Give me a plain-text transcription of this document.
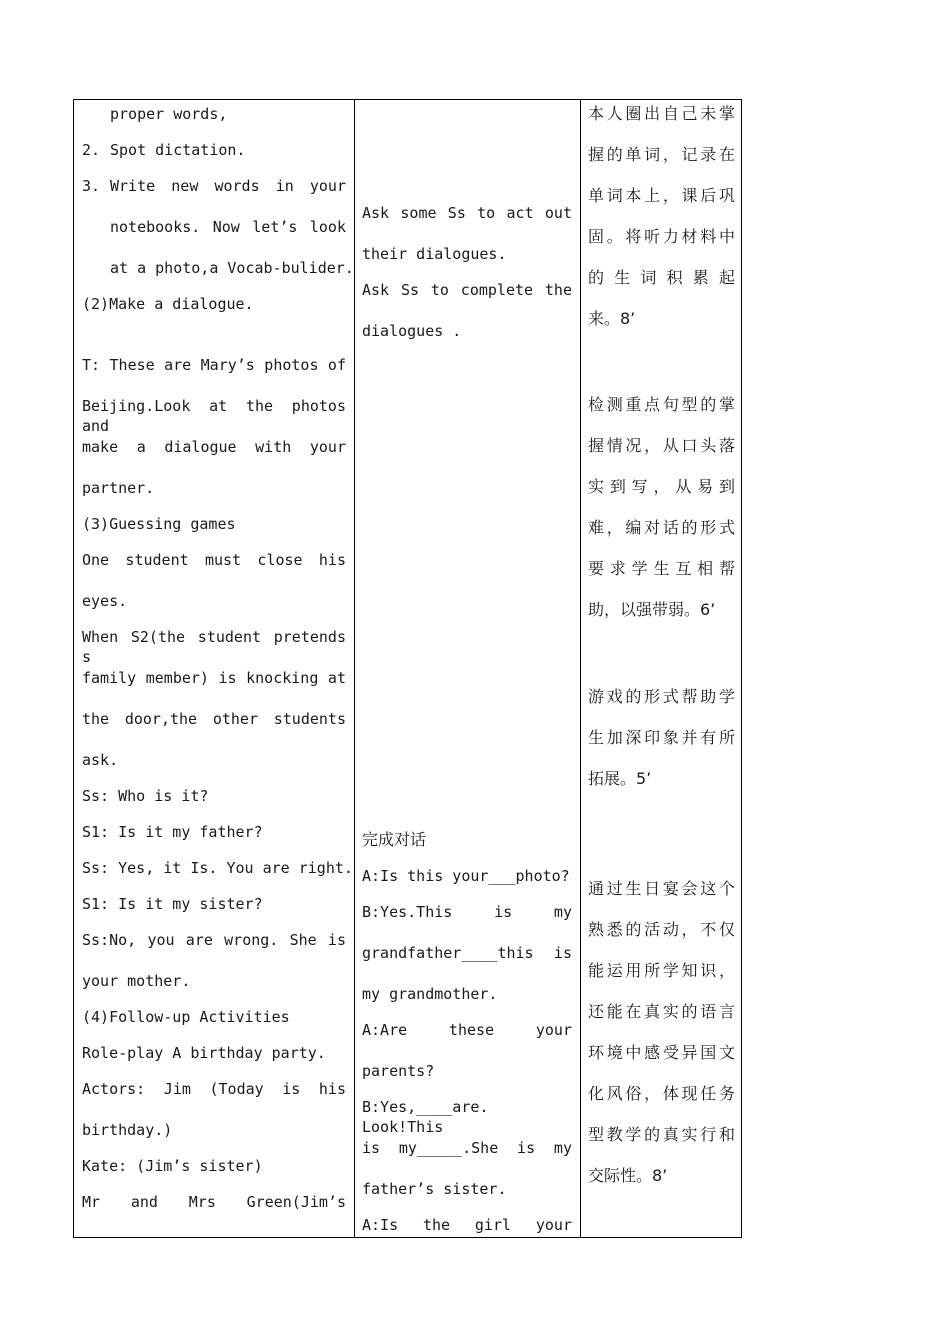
proper words,
2. Spot dictation.
3. Write new words in your
notebooks. Now let’s look
at a photo,a Vocab-bulider.
(2)Make a dialogue.
T: These are Mary’s photos of
Beijing.Look at the photos and
make a dialogue with your
partner.
(3)Guessing games
One student must close his
eyes.
When S2(the student pretends s
family member) is knocking at
the door,the other students
ask.
Ss: Who is it?
S1: Is it my father?
Ss: Yes, it Is. You are right.
S1: Is it my sister?
Ss:No, you are wrong. She is
your mother.
(4)Follow-up Activities
Role-play A birthday party.
Actors: Jim (Today is his
birthday.)
Kate: (Jim’s sister)
Mr and Mrs Green(Jim’s
Ask some Ss to act out
their dialogues.
Ask Ss to complete the
dialogues .
完成对话
A:Is this your___photo?
B:Yes.This is my
grandfather____this is
my grandmother.
A:Are these your
parents?
B:Yes,____are. Look!This
is my_____.She is my
father’s sister.
A:Is the girl your
本人圈出自己未掌
握的单词，记录在
单词本上，课后巩
固。将听力材料中
的生词积累起
来。8’
检测重点句型的掌
握情况，从口头落
实到写，从易到
难，编对话的形式
要求学生互相帮
助，以强带弱。6’
游戏的形式帮助学
生加深印象并有所
拓展。5’
通过生日宴会这个
熟悉的活动，不仅
能运用所学知识，
还能在真实的语言
环境中感受异国文
化风俗，体现任务
型教学的真实行和
交际性。8’
